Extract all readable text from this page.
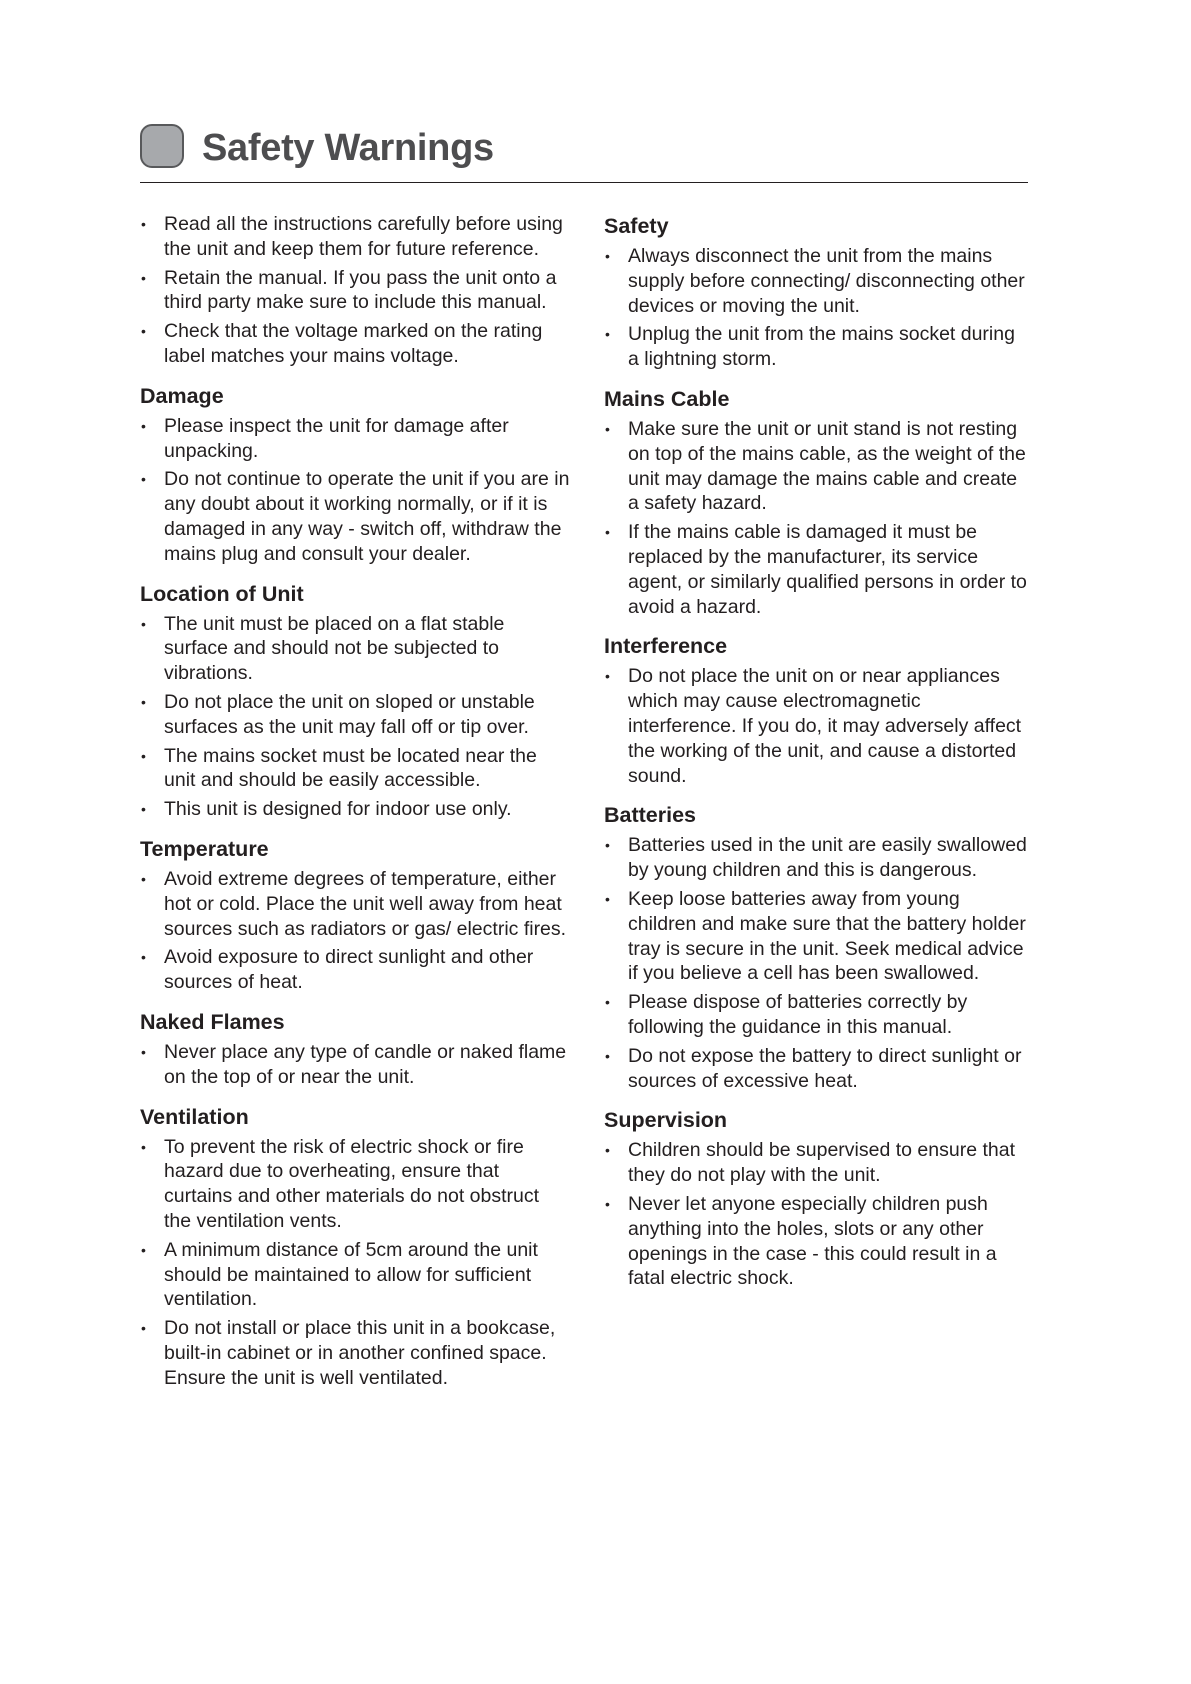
Safety Warnings
• Read all the instructions carefully before using the unit and keep them for future reference.
• Retain the manual. If you pass the unit onto a third party make sure to include this manual.
• Check that the voltage marked on the rating label matches your mains voltage.
Damage
• Please inspect the unit for damage after unpacking.
• Do not continue to operate the unit if you are in any doubt about it working normally, or if it is damaged in any way - switch off, withdraw the mains plug and consult your dealer.
Location of Unit
• The unit must be placed on a flat stable surface and should not be subjected to vibrations.
• Do not place the unit on sloped or unstable surfaces as the unit may fall off or tip over.
• The mains socket must be located near the unit and should be easily accessible.
• This unit is designed for indoor use only.
Temperature
• Avoid extreme degrees of temperature, either hot or cold. Place the unit well away from heat sources such as radiators or gas/ electric fires.
• Avoid exposure to direct sunlight and other sources of heat.
Naked Flames
• Never place any type of candle or naked flame on the top of or near the unit.
Ventilation
• To prevent the risk of electric shock or fire hazard due to overheating, ensure that curtains and other materials do not obstruct the ventilation vents.
• A minimum distance of 5cm around the unit should be maintained to allow for sufficient ventilation.
• Do not install or place this unit in a bookcase, built-in cabinet or in another confined space. Ensure the unit is well ventilated.
Safety
• Always disconnect the unit from the mains supply before connecting/ disconnecting other devices or moving the unit.
• Unplug the unit from the mains socket during a lightning storm.
Mains Cable
• Make sure the unit or unit stand is not resting on top of the mains cable, as the weight of the unit may damage the mains cable and create a safety hazard.
• If the mains cable is damaged it must be replaced by the manufacturer, its service agent, or similarly qualified persons in order to avoid a hazard.
Interference
• Do not place the unit on or near appliances which may cause electromagnetic interference. If you do, it may adversely affect the working of the unit, and cause a distorted sound.
Batteries
• Batteries used in the unit are easily swallowed by young children and this is dangerous.
• Keep loose batteries away from young children and make sure that the battery holder tray is secure in the unit. Seek medical advice if you believe a cell has been swallowed.
• Please dispose of batteries correctly by following the guidance in this manual.
• Do not expose the battery to direct sunlight or sources of excessive heat.
Supervision
• Children should be supervised to ensure that they do not play with the unit.
• Never let anyone especially children push anything into the holes, slots or any other openings in the case - this could result in a fatal electric shock.
